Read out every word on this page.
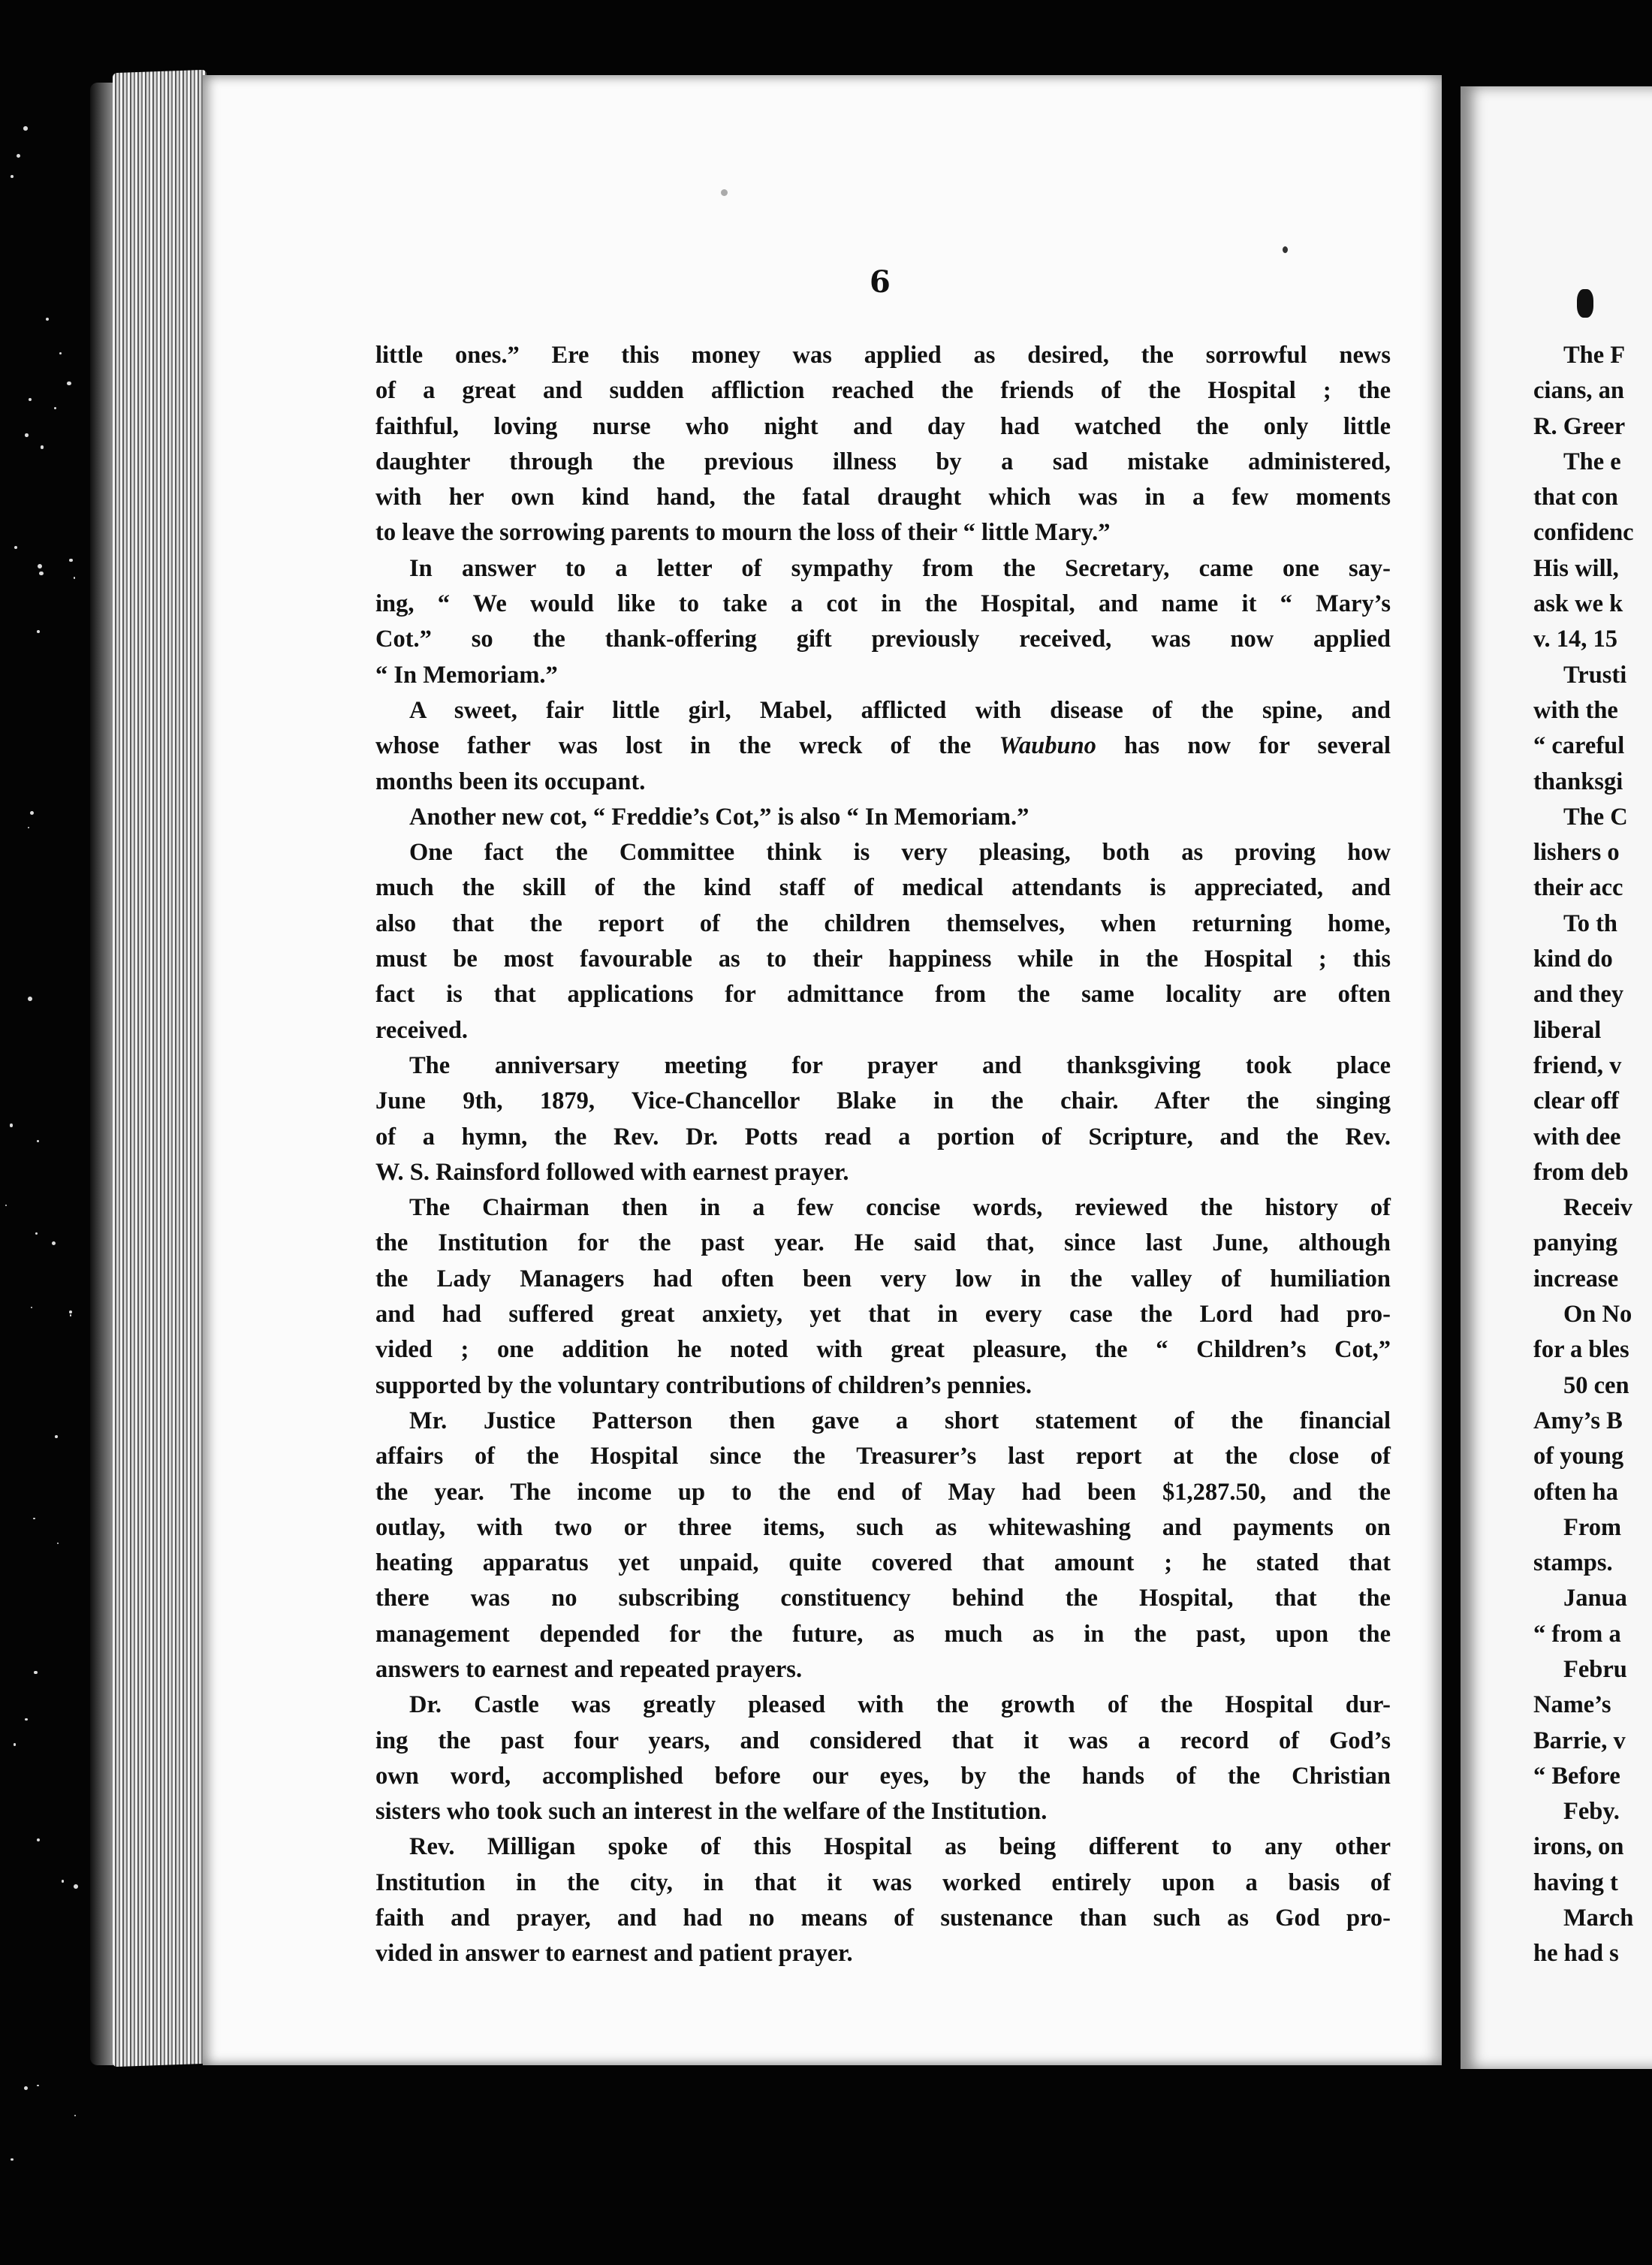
6
little ones.” Ere this money was applied as desired, the sorrowful news
of a great and sudden affliction reached the friends of the Hospital ; the
faithful, loving nurse who night and day had watched the only little
daughter through the previous illness by a sad mistake administered,
with her own kind hand, the fatal draught which was in a few moments
to leave the sorrowing parents to mourn the loss of their “ little Mary.”
In answer to a letter of sympathy from the Secretary, came one say-
ing, “ We would like to take a cot in the Hospital, and name it “ Mary’s
Cot.” so the thank-offering gift previously received, was now applied
“ In Memoriam.”
A sweet, fair little girl, Mabel, afflicted with disease of the spine, and
whose father was lost in the wreck of the Waubuno has now for several
months been its occupant.
Another new cot, “ Freddie’s Cot,” is also “ In Memoriam.”
One fact the Committee think is very pleasing, both as proving how
much the skill of the kind staff of medical attendants is appreciated, and
also that the report of the children themselves, when returning home,
must be most favourable as to their happiness while in the Hospital ; this
fact is that applications for admittance from the same locality are often
received.
The anniversary meeting for prayer and thanksgiving took place
June 9th, 1879, Vice-Chancellor Blake in the chair. After the singing
of a hymn, the Rev. Dr. Potts read a portion of Scripture, and the Rev.
W. S. Rainsford followed with earnest prayer.
The Chairman then in a few concise words, reviewed the history of
the Institution for the past year. He said that, since last June, although
the Lady Managers had often been very low in the valley of humiliation
and had suffered great anxiety, yet that in every case the Lord had pro-
vided ; one addition he noted with great pleasure, the “ Children’s Cot,”
supported by the voluntary contributions of children’s pennies.
Mr. Justice Patterson then gave a short statement of the financial
affairs of the Hospital since the Treasurer’s last report at the close of
the year. The income up to the end of May had been $1,287.50, and the
outlay, with two or three items, such as whitewashing and payments on
heating apparatus yet unpaid, quite covered that amount ; he stated that
there was no subscribing constituency behind the Hospital, that the
management depended for the future, as much as in the past, upon the
answers to earnest and repeated prayers.
Dr. Castle was greatly pleased with the growth of the Hospital dur-
ing the past four years, and considered that it was a record of God’s
own word, accomplished before our eyes, by the hands of the Christian
sisters who took such an interest in the welfare of the Institution.
Rev. Milligan spoke of this Hospital as being different to any other
Institution in the city, in that it was worked entirely upon a basis of
faith and prayer, and had no means of sustenance than such as God pro-
vided in answer to earnest and patient prayer.
The F
cians, an
R. Greer
The e
that con
confidenc
His will,
ask we k
v. 14, 15
Trusti
with the
“ careful
thanksgi
The C
lishers o
their acc
To th
kind do
and they
liberal
friend, v
clear off
with dee
from deb
Receiv
panying
increase
On No
for a bles
50 cen
Amy’s B
of young
often ha
From
stamps.
Janua
“ from a
Febru
Name’s
Barrie, v
“ Before
Feby.
irons, on
having t
March
he had s
